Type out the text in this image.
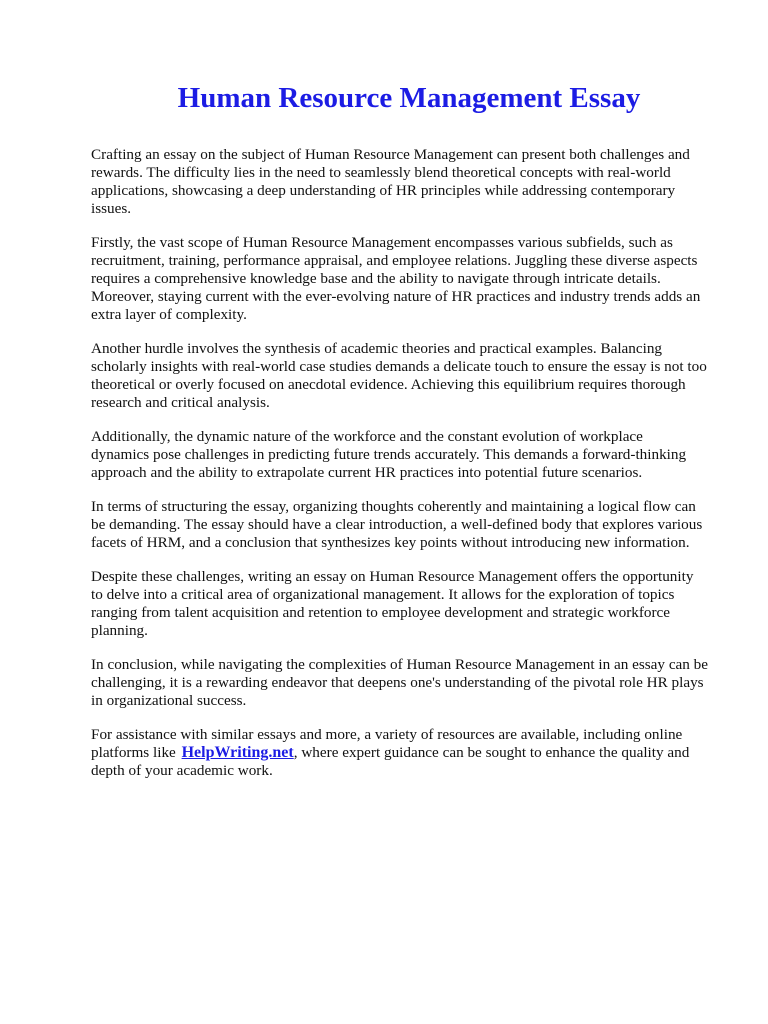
Human Resource Management Essay

Crafting an essay on the subject of Human Resource Management can present both challenges and
rewards. The difficulty lies in the need to seamlessly blend theoretical concepts with real-world
applications, showcasing a deep understanding of HR principles while addressing contemporary
issues.

Firstly, the vast scope of Human Resource Management encompasses various subfields, such as
recruitment, training, performance appraisal, and employee relations. Juggling these diverse aspects
requires a comprehensive knowledge base and the ability to navigate through intricate details.
Moreover, staying current with the ever-evolving nature of HR practices and industry trends adds an
extra layer of complexity.

Another hurdle involves the synthesis of academic theories and practical examples. Balancing
scholarly insights with real-world case studies demands a delicate touch to ensure the essay is not too
theoretical or overly focused on anecdotal evidence. Achieving this equilibrium requires thorough
research and critical analysis.

Additionally, the dynamic nature of the workforce and the constant evolution of workplace
dynamics pose challenges in predicting future trends accurately. This demands a forward-thinking
approach and the ability to extrapolate current HR practices into potential future scenarios.

In terms of structuring the essay, organizing thoughts coherently and maintaining a logical flow can
be demanding. The essay should have a clear introduction, a well-defined body that explores various
facets of HRM, and a conclusion that synthesizes key points without introducing new information.

Despite these challenges, writing an essay on Human Resource Management offers the opportunity
to delve into a critical area of organizational management. It allows for the exploration of topics
ranging from talent acquisition and retention to employee development and strategic workforce
planning.

In conclusion, while navigating the complexities of Human Resource Management in an essay can be
challenging, it is a rewarding endeavor that deepens one's understanding of the pivotal role HR plays
in organizational success.

For assistance with similar essays and more, a variety of resources are available, including online
platforms like HelpWriting.net, where expert guidance can be sought to enhance the quality and
depth of your academic work.
